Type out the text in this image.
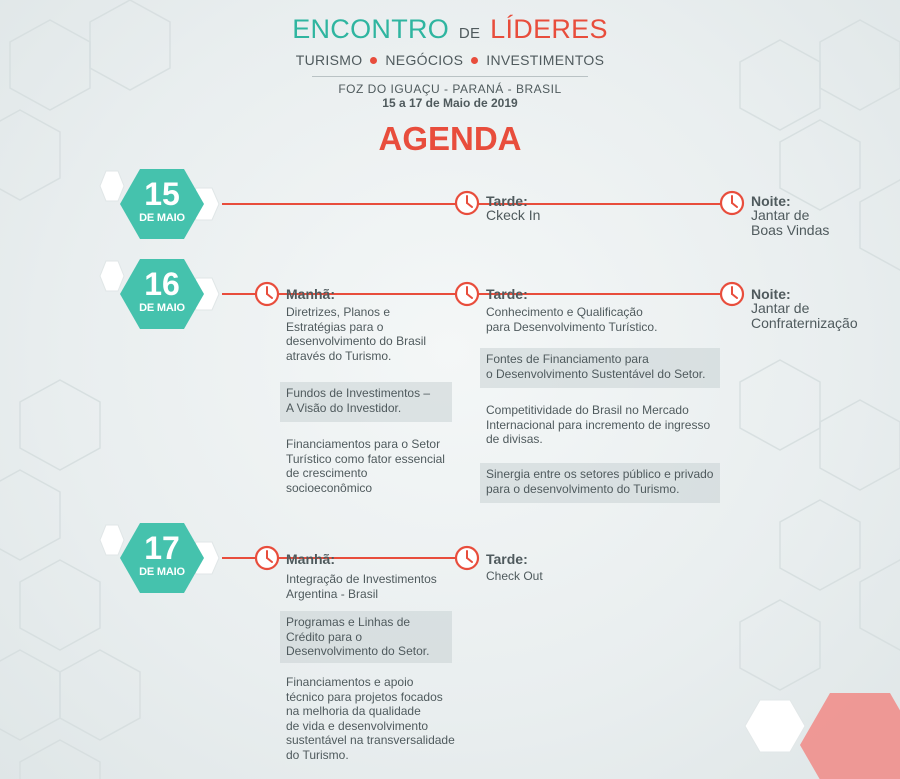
ENCONTRO DE LÍDERES
TURISMO NEGÓCIOS INVESTIMENTOS
FOZ DO IGUAÇU - PARANÁ - BRASIL
15 a 17 de Maio de 2019
AGENDA
15
DE MAIO
16
DE MAIO
17
DE MAIO
Tarde:
Ckeck In
Noite:
Jantar de
Boas Vindas
Manhã:
Diretrizes, Planos e
Estratégias para o
desenvolvimento do Brasil
através do Turismo.
Fundos de Investimentos –
A Visão do Investidor.
Financiamentos para o Setor
Turístico como fator essencial
de crescimento
socioeconômico
Tarde:
Conhecimento e Qualificação
para Desenvolvimento Turístico.
Fontes de Financiamento para
o Desenvolvimento Sustentável do Setor.
Competitividade do Brasil no Mercado
Internacional para incremento de ingresso
de divisas.
Sinergia entre os setores público e privado
para o desenvolvimento do Turismo.
Noite:
Jantar de
Confraternização
Manhã:
Integração de Investimentos
Argentina - Brasil
Programas e Linhas de
Crédito para o
Desenvolvimento do Setor.
Financiamentos e apoio
técnico para projetos focados
na melhoria da qualidade
de vida e desenvolvimento
sustentável na transversalidade
do Turismo.
Tarde:
Check Out
